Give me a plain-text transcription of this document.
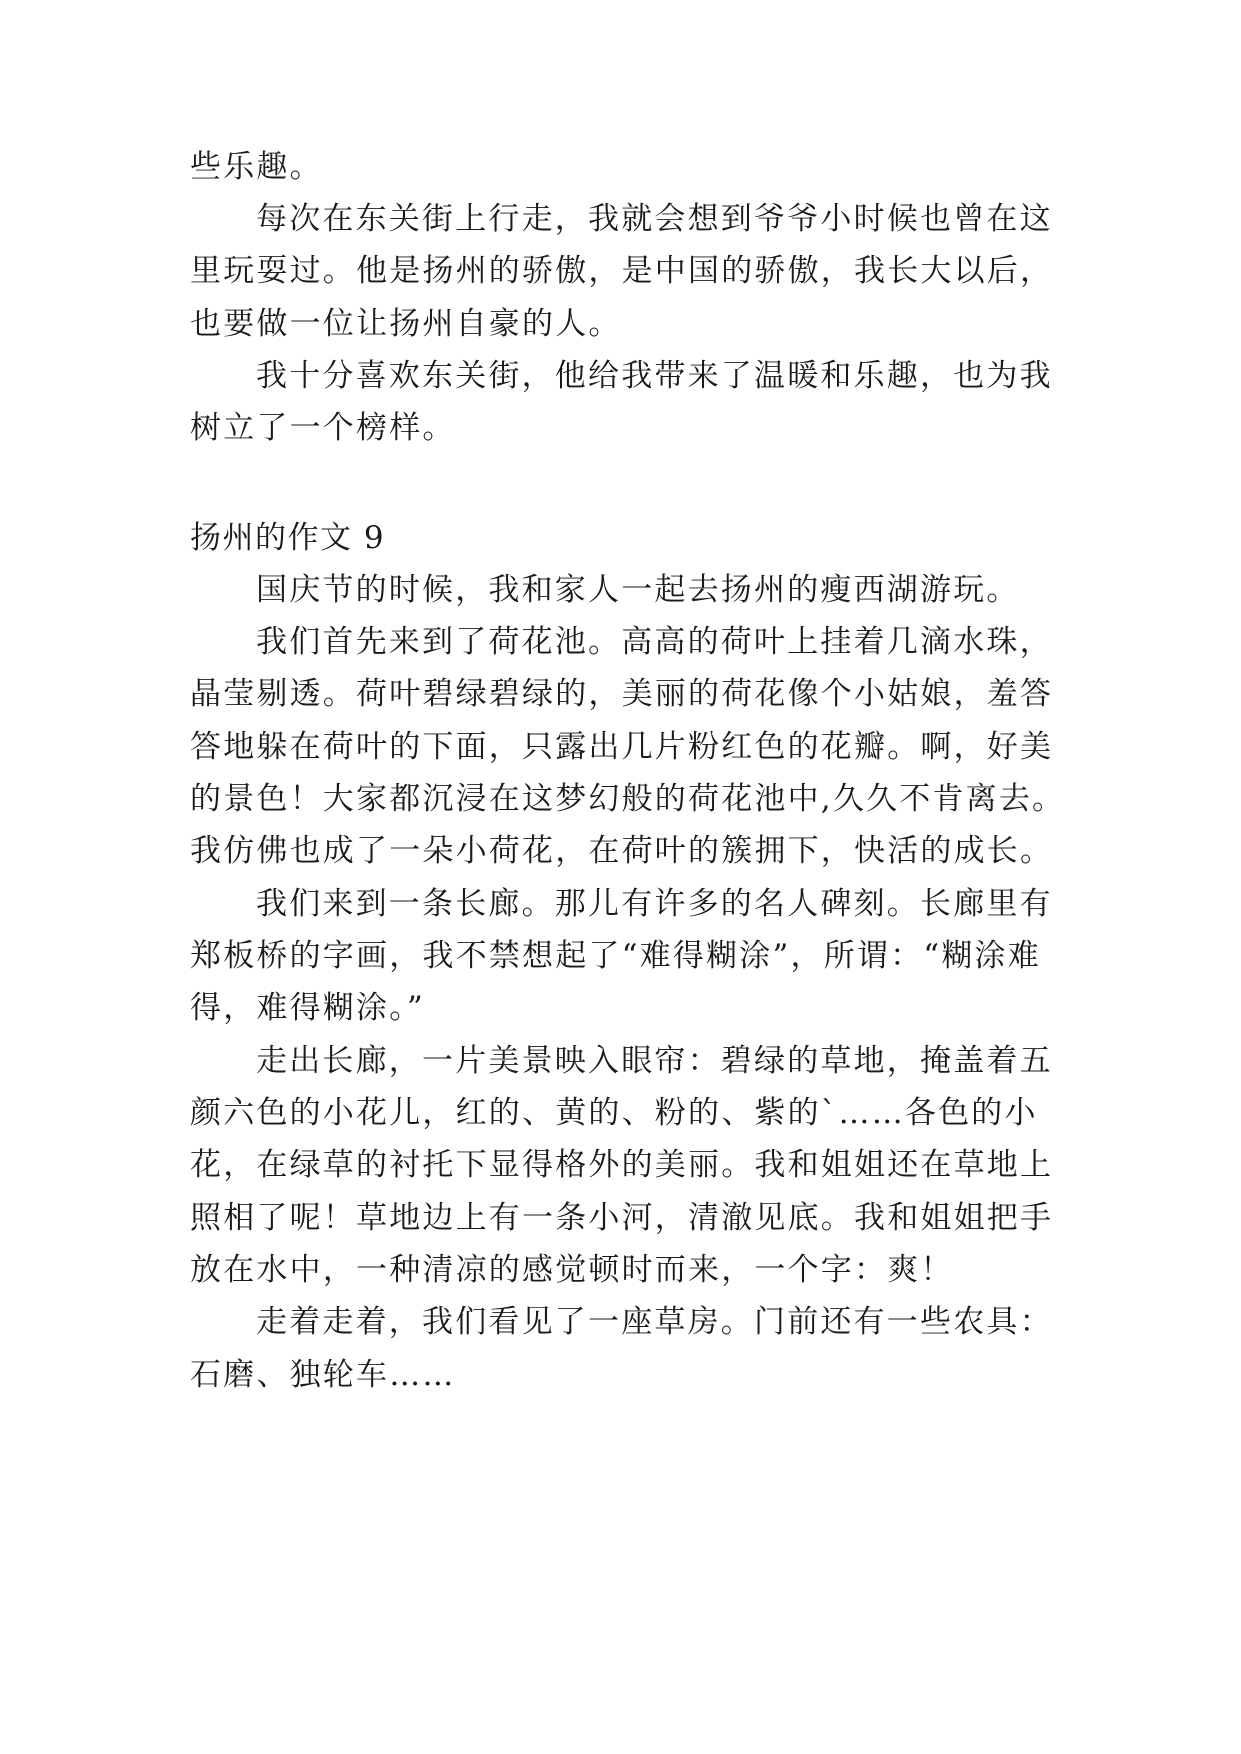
些乐趣。
每次在东关街上行走，我就会想到爷爷小时候也曾在这
里玩耍过。他是扬州的骄傲，是中国的骄傲，我长大以后，
也要做一位让扬州自豪的人。
我十分喜欢东关街，他给我带来了温暖和乐趣，也为我
树立了一个榜样。
扬州的作文 9
国庆节的时候，我和家人一起去扬州的瘦西湖游玩。
我们首先来到了荷花池。高高的荷叶上挂着几滴水珠，
晶莹剔透。荷叶碧绿碧绿的，美丽的荷花像个小姑娘，羞答
答地躲在荷叶的下面，只露出几片粉红色的花瓣。啊，好美
的景色！大家都沉浸在这梦幻般的荷花池中,久久不肯离去。
我仿佛也成了一朵小荷花，在荷叶的簇拥下，快活的成长。
我们来到一条长廊。那儿有许多的名人碑刻。长廊里有
郑板桥的字画，我不禁想起了“难得糊涂”，所谓：“糊涂难
得，难得糊涂。”
走出长廊，一片美景映入眼帘：碧绿的草地，掩盖着五
颜六色的小花儿，红的、黄的、粉的、紫的`……各色的小
花，在绿草的衬托下显得格外的美丽。我和姐姐还在草地上
照相了呢！草地边上有一条小河，清澈见底。我和姐姐把手
放在水中，一种清凉的感觉顿时而来，一个字：爽！
走着走着，我们看见了一座草房。门前还有一些农具：
石磨、独轮车……
